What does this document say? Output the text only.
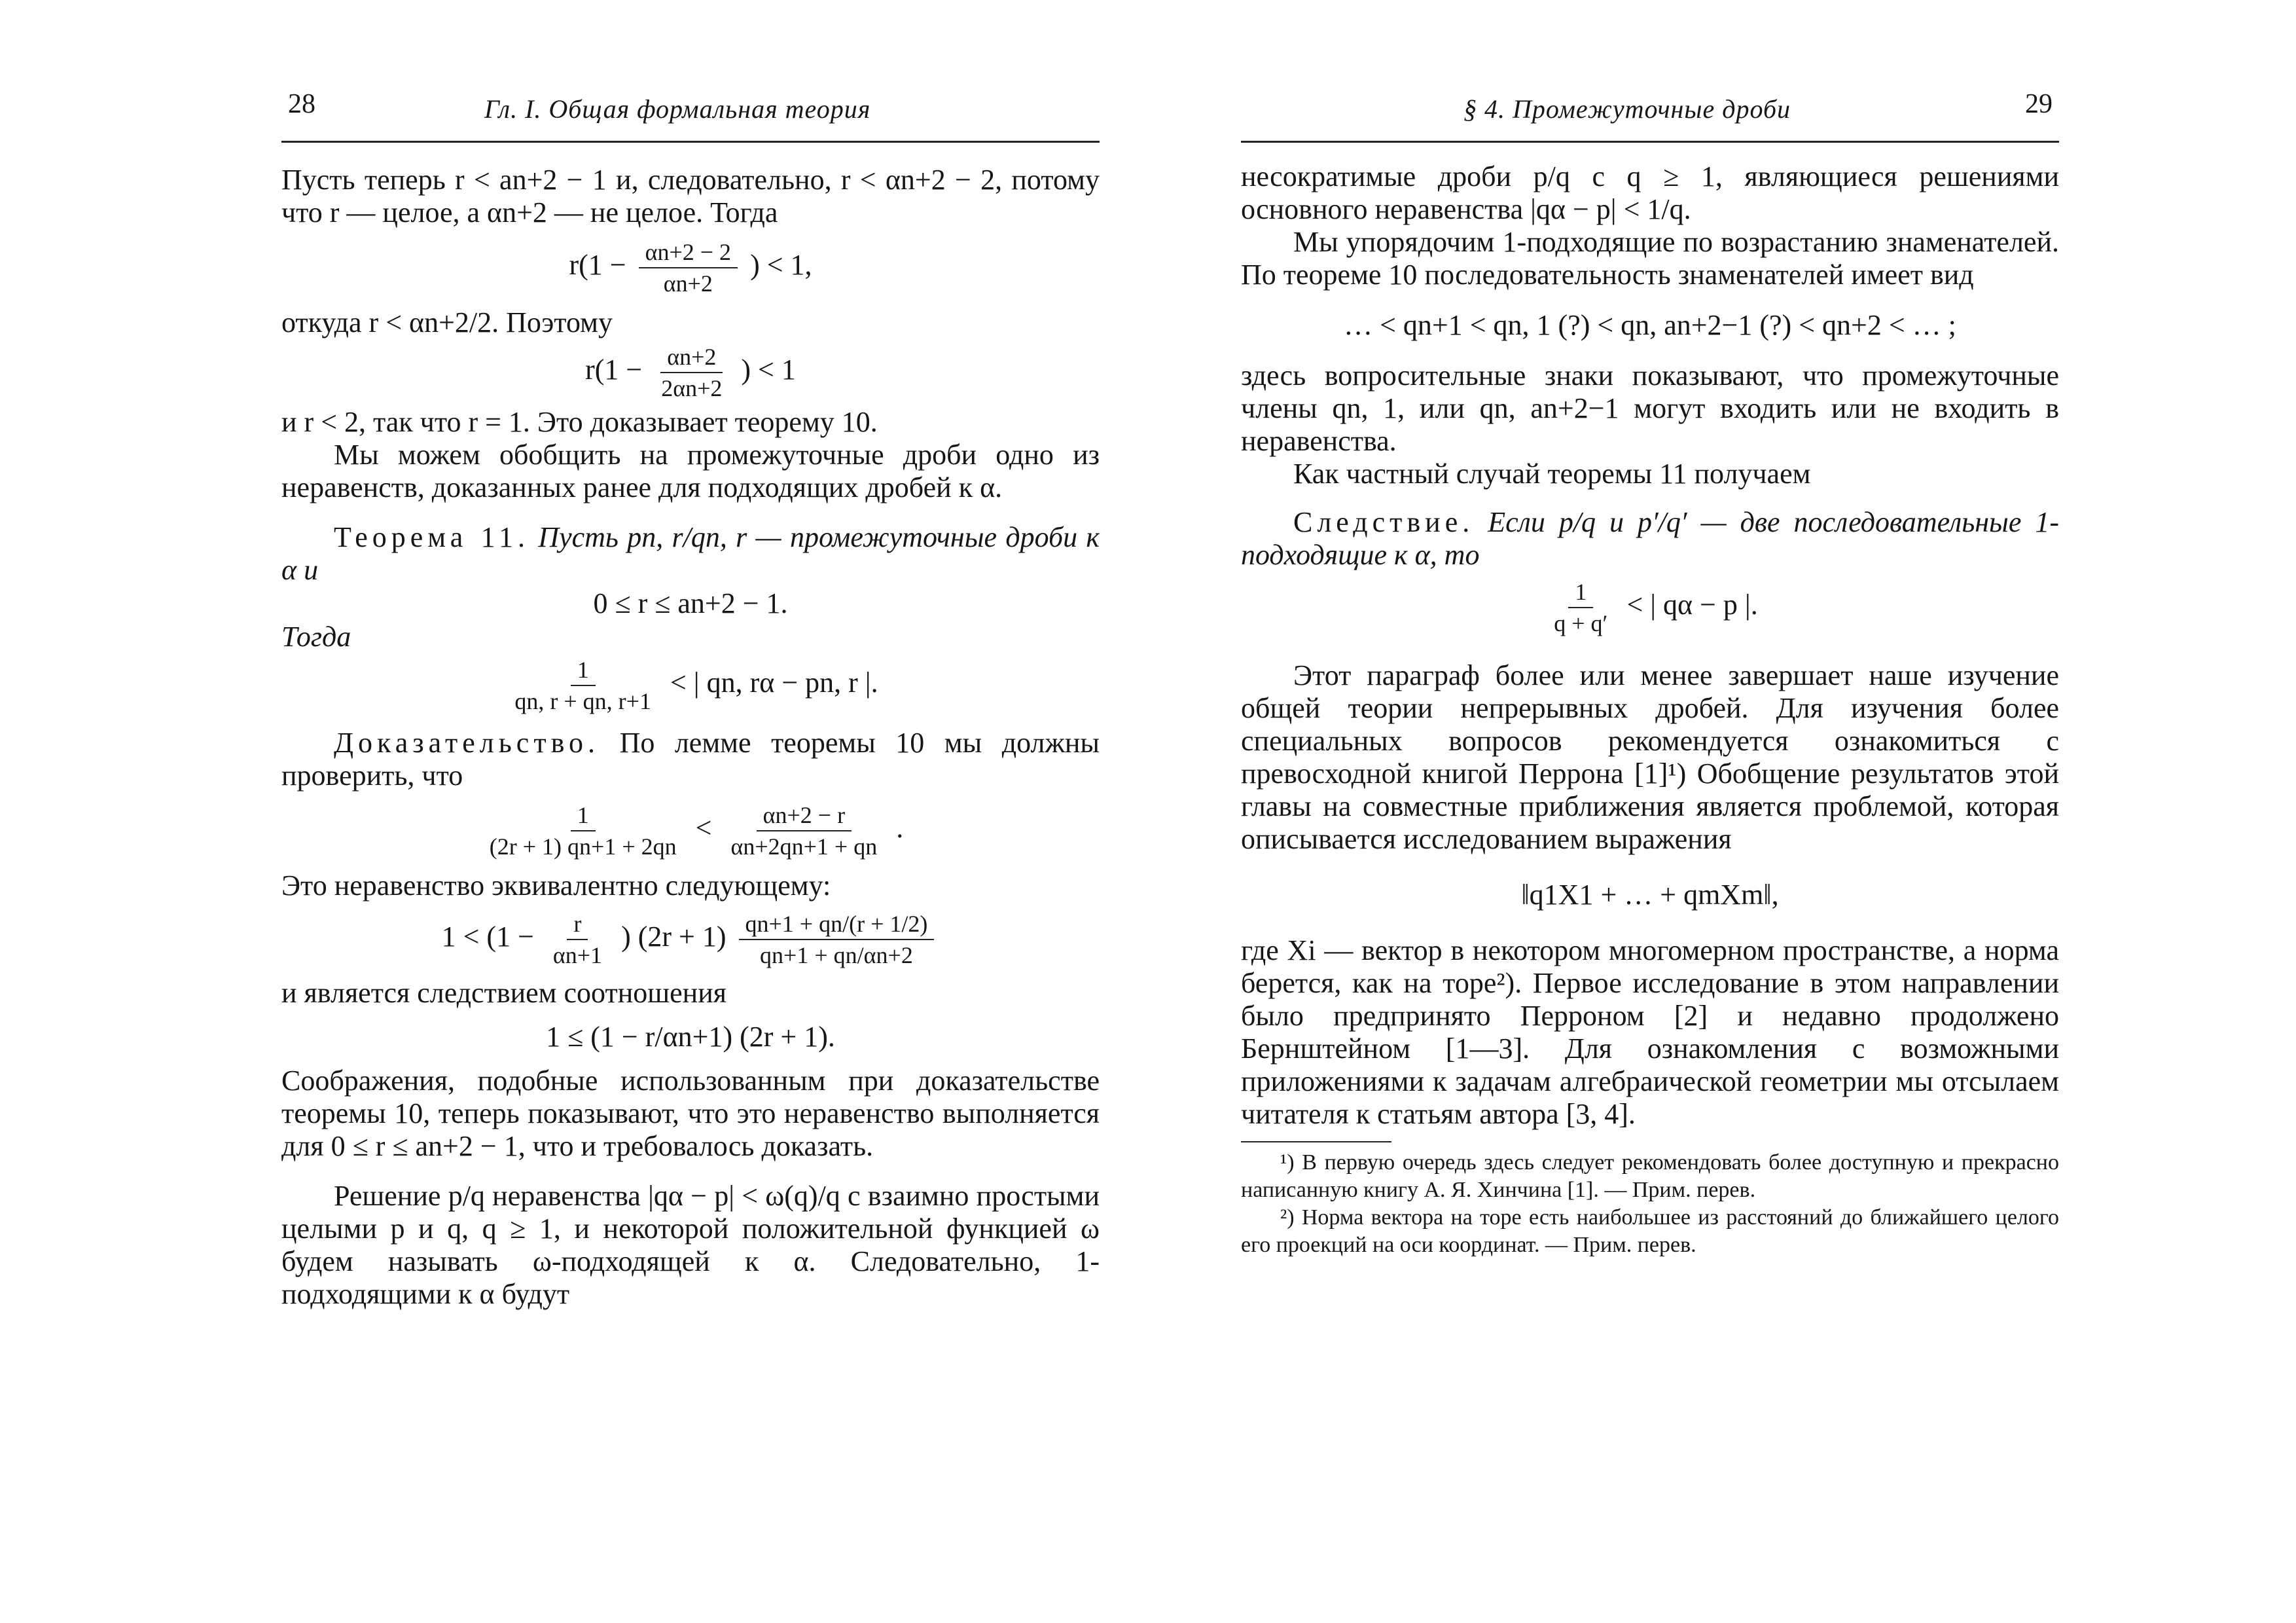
28	Гл. I. Общая формальная теория

Пусть теперь r < an+2 − 1 и, следовательно, r < αn+2 − 2, потому что r — целое, а αn+2 — не целое. Тогда

$r(1 - \frac{\alpha n+2 - 2}{\alpha n+2}$ ) < 1,

откуда r < αn+2/2. Поэтому

$r(1 - \frac{\alpha n+2}{2\alpha n+2}$ ) < 1

и r < 2, так что r = 1. Это доказывает теорему 10.

Мы можем обобщить на промежуточные дроби одно из неравенств, доказанных ранее для подходящих дробей к α.

Теорема 11. Пусть pn, r/qn, r — промежуточные дроби к α и

0 ≤ r ≤ an+2 − 1.

Тогда

$\frac{1}{qn, r + qn, r+1}$ < | qn, rα − pn, r |.

Доказательство. По лемме теоремы 10 мы должны проверить, что

$\frac{1}{(2r + 1) qn+1 + 2qn} < \frac{\alpha n+2 - r}{\alpha n+2qn+1 + qn}$ .

Это неравенство эквивалентно следующему:

$1 < (1 - \frac{r}{\alpha n+1}$ ) $(2r + 1) \frac{qn+1 + qn/(r + 1/2)}{qn+1 + qn/\alpha n+2}$

и является следствием соотношения

1 ≤ (1 − r/αn+1) (2r + 1).

Соображения, подобные использованным при доказательстве теоремы 10, теперь показывают, что это неравенство выполняется для 0 ≤ r ≤ an+2 − 1, что и требовалось доказать.

Решение p/q неравенства |qα − p| < ω(q)/q с взаимно простыми целыми p и q, q ≥ 1, и некоторой положительной функцией ω будем называть ω-подходящей к α. Следовательно, 1-подходящими к α будут

§ 4. Промежуточные дроби	29

несократимые дроби p/q с q ≥ 1, являющиеся решениями основного неравенства |qα − p| < 1/q.

Мы упорядочим 1-подходящие по возрастанию знаменателей. По теореме 10 последовательность знаменателей имеет вид

… < qn+1 < qn, 1 (?) < qn, an+2−1 (?) < qn+2 < … ;

здесь вопросительные знаки показывают, что промежуточные члены qn, 1, или qn, an+2−1 могут входить или не входить в неравенства.

Как частный случай теоремы 11 получаем

Следствие. Если p/q и p′/q′ — две последовательные 1-подходящие к α, то

$\frac{1}{q + q'}$ < | qα − p |.

Этот параграф более или менее завершает наше изучение общей теории непрерывных дробей. Для изучения более специальных вопросов рекомендуется ознакомиться с превосходной книгой Перрона [1]¹) Обобщение результатов этой главы на совместные приближения является проблемой, которая описывается исследованием выражения

‖q1X1 + … + qmXm‖,

где Xi — вектор в некотором многомерном пространстве, а норма берется, как на торе²). Первое исследование в этом направлении было предпринято Перроном [2] и недавно продолжено Бернштейном [1—3]. Для ознакомления с возможными приложениями к задачам алгебраической геометрии мы отсылаем читателя к статьям автора [3, 4].

¹) В первую очередь здесь следует рекомендовать более доступную и прекрасно написанную книгу А. Я. Хинчина [1]. — Прим. перев.

²) Норма вектора на торе есть наибольшее из расстояний до ближайшего целого его проекций на оси координат. — Прим. перев.
